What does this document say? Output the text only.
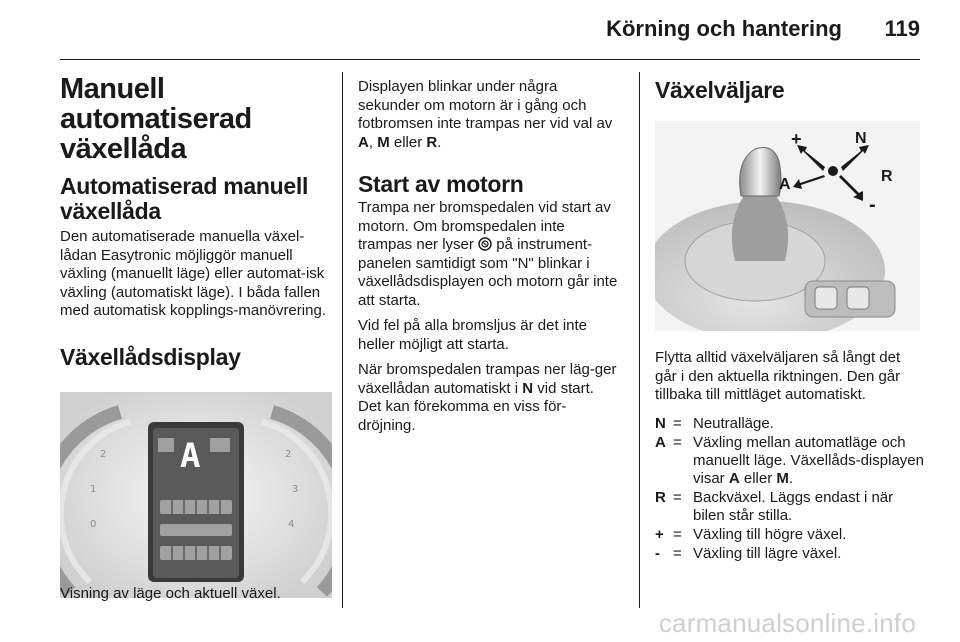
Körning och hantering 119
Manuell automatiserad växellåda
Automatiserad manuell växellåda

Den automatiserade manuella växel-lådan Easytronic möjliggör manuell växling (manuellt läge) eller automat-isk växling (automatiskt läge). I båda fallen med automatisk kopplings-manövrering.

Växellådsdisplay
2
1
0
2
3
4
A
Visning av läge och aktuell växel.

Displayen blinkar under några sekunder om motorn är i gång och fotbromsen inte trampas ner vid val av A, M eller R.

Start av motorn

Trampa ner bromspedalen vid start av motorn. Om bromspedalen inte trampas ner lyser
på instrument-panelen samtidigt som "N" blinkar i växellådsdisplayen och motorn går inte att starta.

Vid fel på alla bromsljus är det inte heller möjligt att starta.

När bromspedalen trampas ner läg-ger växellådan automatiskt i N vid start. Det kan förekomma en viss för-dröjning.

Växelväljare
+	N
R
A
-

Flytta alltid växelväljaren så långt det går i den aktuella riktningen. Den går tillbaka till mittläget automatiskt.

N = Neutralläge.
A = Växling mellan automatläge och manuellt läge. Växellåds-displayen visar A eller M.
R = Backväxel. Läggs endast i när bilen står stilla.
+ = Växling till högre växel.
- = Växling till lägre växel.
carmanualsonline.info
